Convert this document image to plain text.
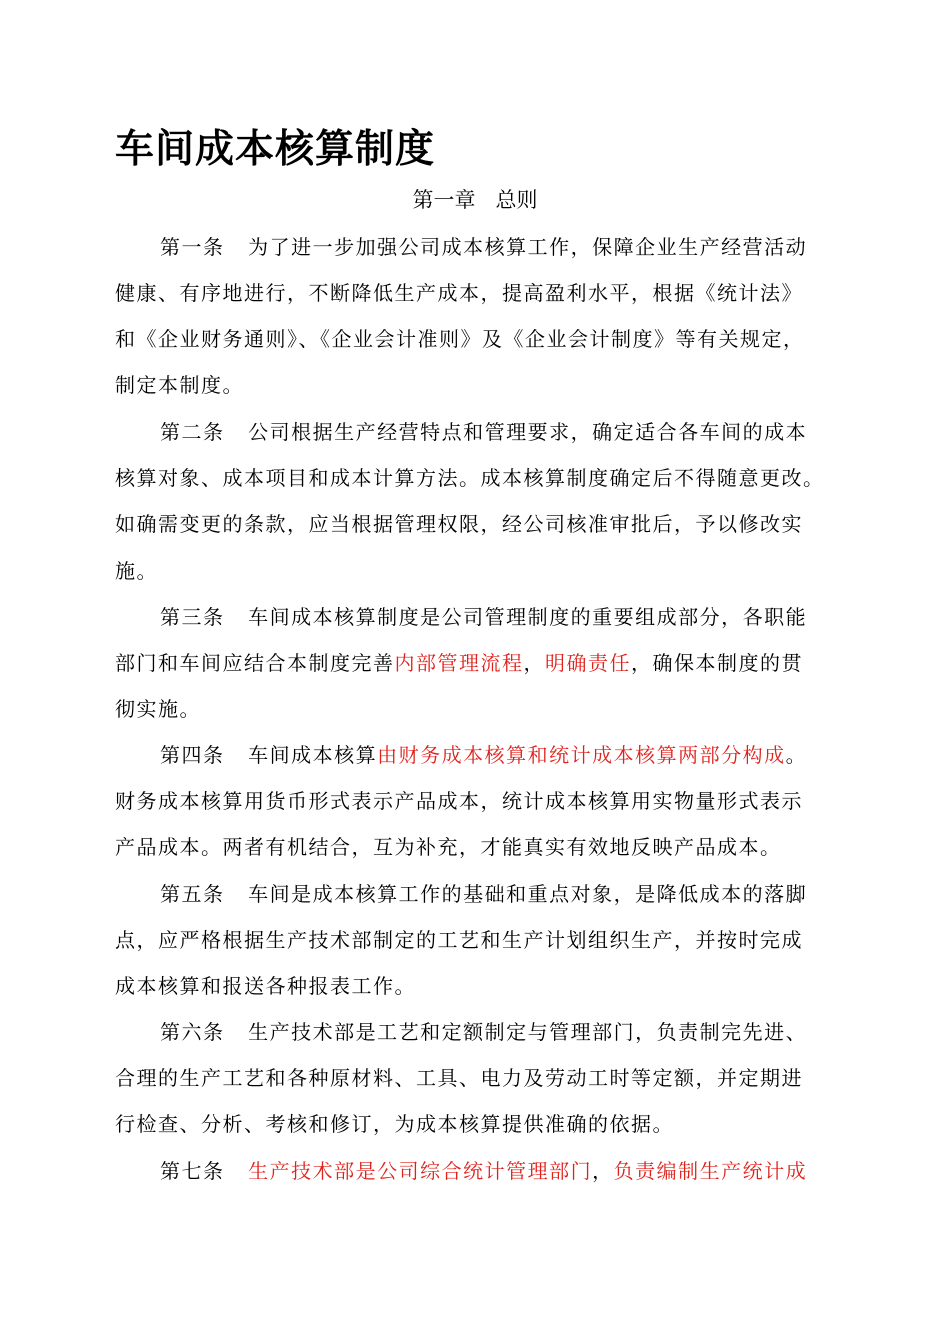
车间成本核算制度
第一章   总则
第一条 为了进一步加强公司成本核算工作，保障企业生产经营活动
健康、有序地进行，不断降低生产成本，提高盈利水平，根据《统计法》
和《企业财务通则》、《企业会计准则》及《企业会计制度》等有关规定，
制定本制度。
第二条 公司根据生产经营特点和管理要求，确定适合各车间的成本
核算对象、成本项目和成本计算方法。成本核算制度确定后不得随意更改。
如确需变更的条款，应当根据管理权限，经公司核准审批后，予以修改实
施。
第三条 车间成本核算制度是公司管理制度的重要组成部分，各职能
部门和车间应结合本制度完善内部管理流程，明确责任，确保本制度的贯
彻实施。
第四条 车间成本核算由财务成本核算和统计成本核算两部分构成。
财务成本核算用货币形式表示产品成本，统计成本核算用实物量形式表示
产品成本。两者有机结合，互为补充，才能真实有效地反映产品成本。
第五条 车间是成本核算工作的基础和重点对象，是降低成本的落脚
点，应严格根据生产技术部制定的工艺和生产计划组织生产，并按时完成
成本核算和报送各种报表工作。
第六条 生产技术部是工艺和定额制定与管理部门，负责制完先进、
合理的生产工艺和各种原材料、工具、电力及劳动工时等定额，并定期进
行检查、分析、考核和修订，为成本核算提供准确的依据。
第七条 生产技术部是公司综合统计管理部门，负责编制生产统计成
